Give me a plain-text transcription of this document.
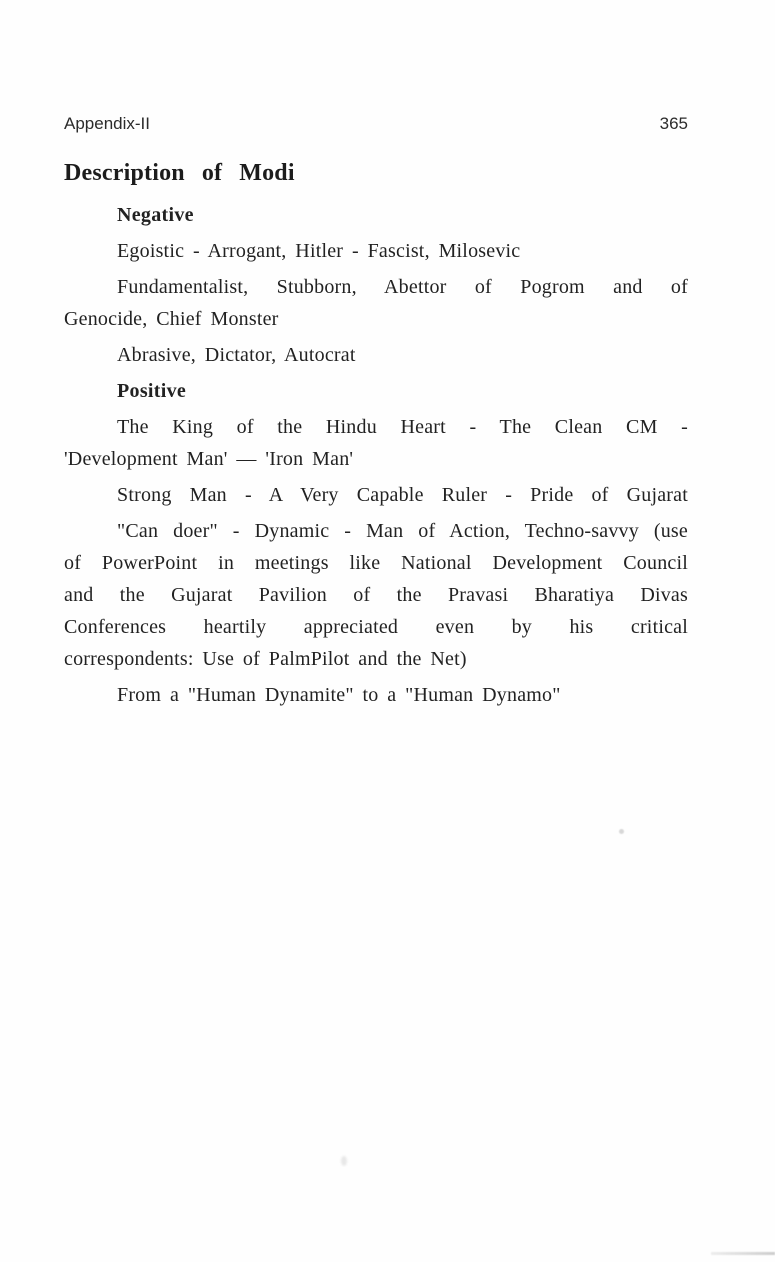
Appendix-II	365
Description of Modi
Negative
Egoistic - Arrogant, Hitler - Fascist, Milosevic
Fundamentalist, Stubborn, Abettor of Pogrom and of
Genocide, Chief Monster
Abrasive, Dictator, Autocrat
Positive
The King of the Hindu Heart - The Clean CM -
'Development Man' — 'Iron Man'
Strong Man - A Very Capable Ruler - Pride of Gujarat
"Can doer" - Dynamic - Man of Action, Techno-savvy (use
of PowerPoint in meetings like National Development Council
and the Gujarat Pavilion of the Pravasi Bharatiya Divas
Conferences heartily appreciated even by his critical
correspondents: Use of PalmPilot and the Net)
From a "Human Dynamite" to a "Human Dynamo"
